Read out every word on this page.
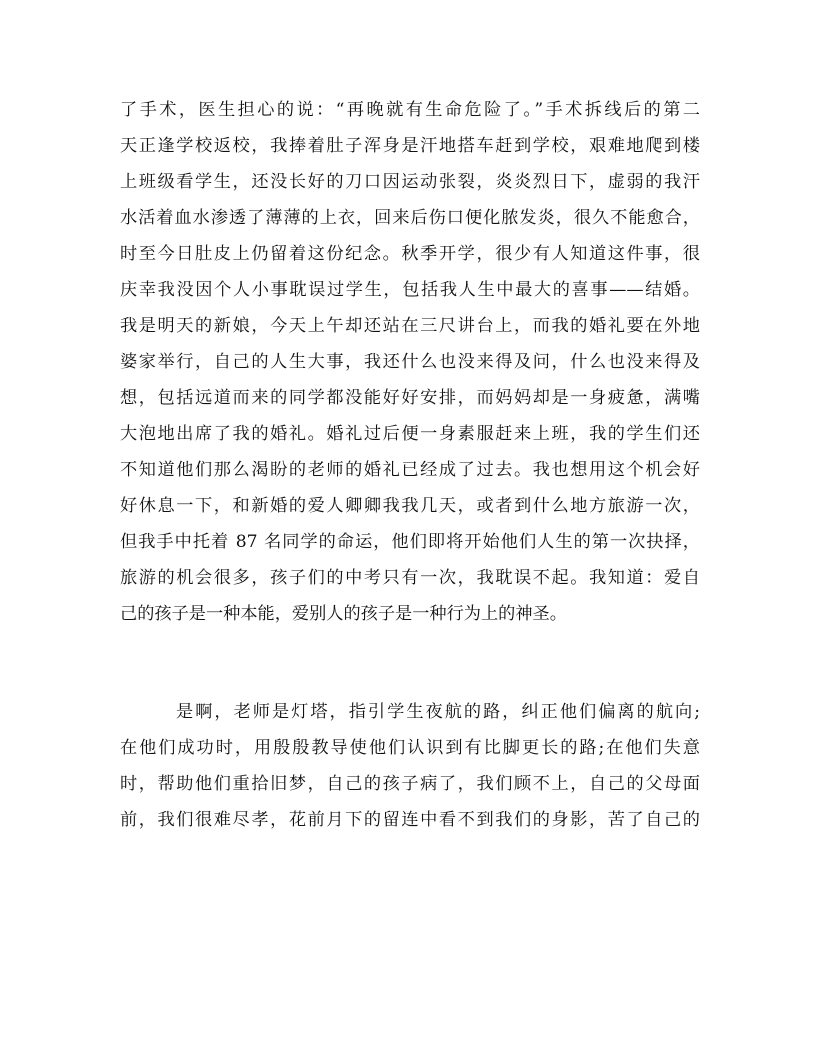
了手术，医生担心的说：“再晚就有生命危险了。”手术拆线后的第二
天正逢学校返校，我捧着肚子浑身是汗地搭车赶到学校，艰难地爬到楼
上班级看学生，还没长好的刀口因运动张裂，炎炎烈日下，虚弱的我汗
水活着血水渗透了薄薄的上衣，回来后伤口便化脓发炎，很久不能愈合，
时至今日肚皮上仍留着这份纪念。秋季开学，很少有人知道这件事，很
庆幸我没因个人小事耽误过学生，包括我人生中最大的喜事——结婚。
我是明天的新娘，今天上午却还站在三尺讲台上，而我的婚礼要在外地
婆家举行，自己的人生大事，我还什么也没来得及问，什么也没来得及
想，包括远道而来的同学都没能好好安排，而妈妈却是一身疲惫，满嘴
大泡地出席了我的婚礼。婚礼过后便一身素服赶来上班，我的学生们还
不知道他们那么渴盼的老师的婚礼已经成了过去。我也想用这个机会好
好休息一下，和新婚的爱人卿卿我我几天，或者到什么地方旅游一次，
但我手中托着 87 名同学的命运，他们即将开始他们人生的第一次抉择，
旅游的机会很多，孩子们的中考只有一次，我耽误不起。我知道：爱自
己的孩子是一种本能，爱别人的孩子是一种行为上的神圣。
是啊，老师是灯塔，指引学生夜航的路，纠正他们偏离的航向;
在他们成功时，用殷殷教导使他们认识到有比脚更长的路;在他们失意
时，帮助他们重拾旧梦，自己的孩子病了，我们顾不上，自己的父母面
前，我们很难尽孝，花前月下的留连中看不到我们的身影，苦了自己的
